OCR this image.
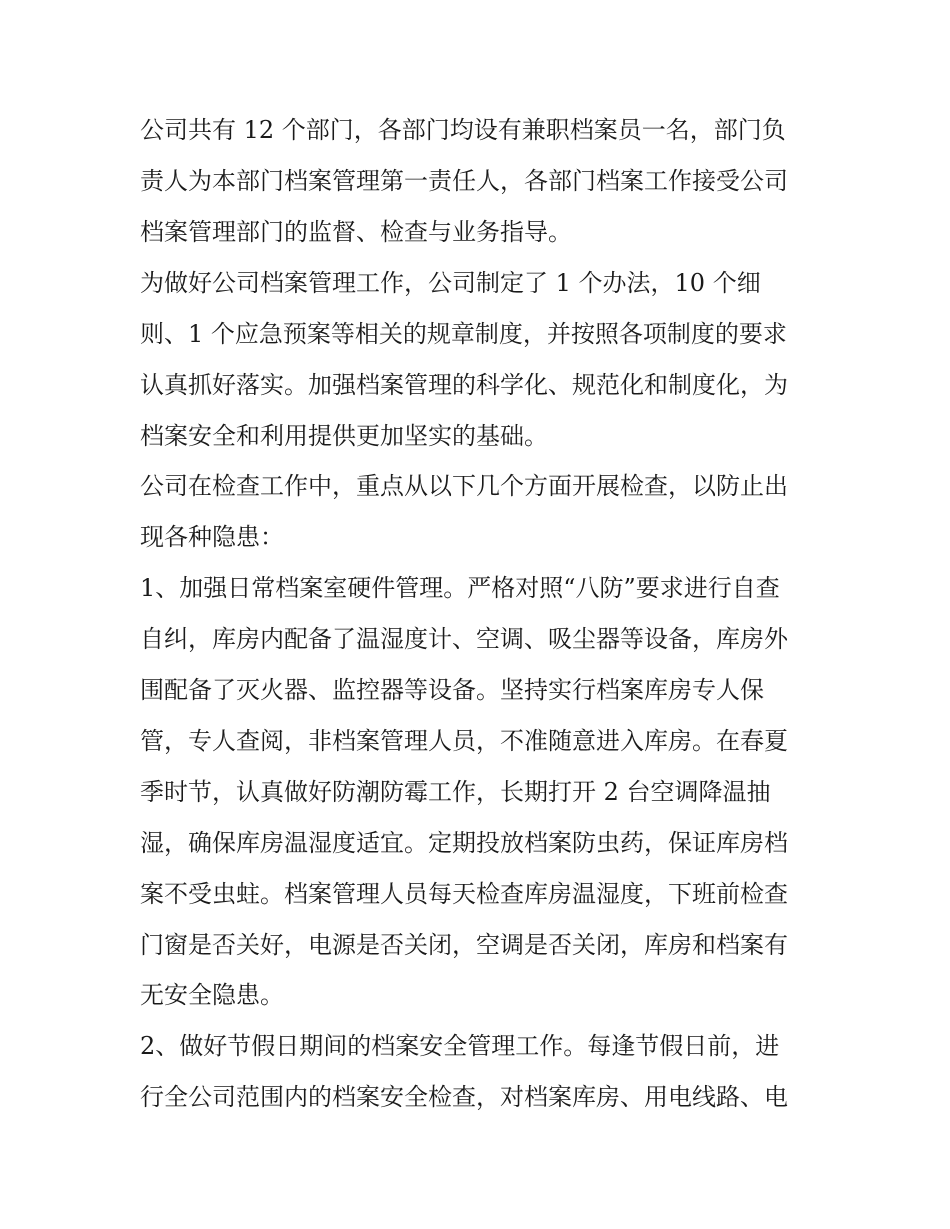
公司共有 12 个部门，各部门均设有兼职档案员一名，部门负
责人为本部门档案管理第一责任人，各部门档案工作接受公司
档案管理部门的监督、检查与业务指导。
为做好公司档案管理工作，公司制定了 1 个办法，10 个细
则、1 个应急预案等相关的规章制度，并按照各项制度的要求
认真抓好落实。加强档案管理的科学化、规范化和制度化，为
档案安全和利用提供更加坚实的基础。
公司在检查工作中，重点从以下几个方面开展检查，以防止出
现各种隐患：
1、加强日常档案室硬件管理。严格对照“八防”要求进行自查
自纠，库房内配备了温湿度计、空调、吸尘器等设备，库房外
围配备了灭火器、监控器等设备。坚持实行档案库房专人保
管，专人查阅，非档案管理人员，不准随意进入库房。在春夏
季时节，认真做好防潮防霉工作，长期打开 2 台空调降温抽
湿，确保库房温湿度适宜。定期投放档案防虫药，保证库房档
案不受虫蛀。档案管理人员每天检查库房温湿度，下班前检查
门窗是否关好，电源是否关闭，空调是否关闭，库房和档案有
无安全隐患。
2、做好节假日期间的档案安全管理工作。每逢节假日前，进
行全公司范围内的档案安全检查，对档案库房、用电线路、电
